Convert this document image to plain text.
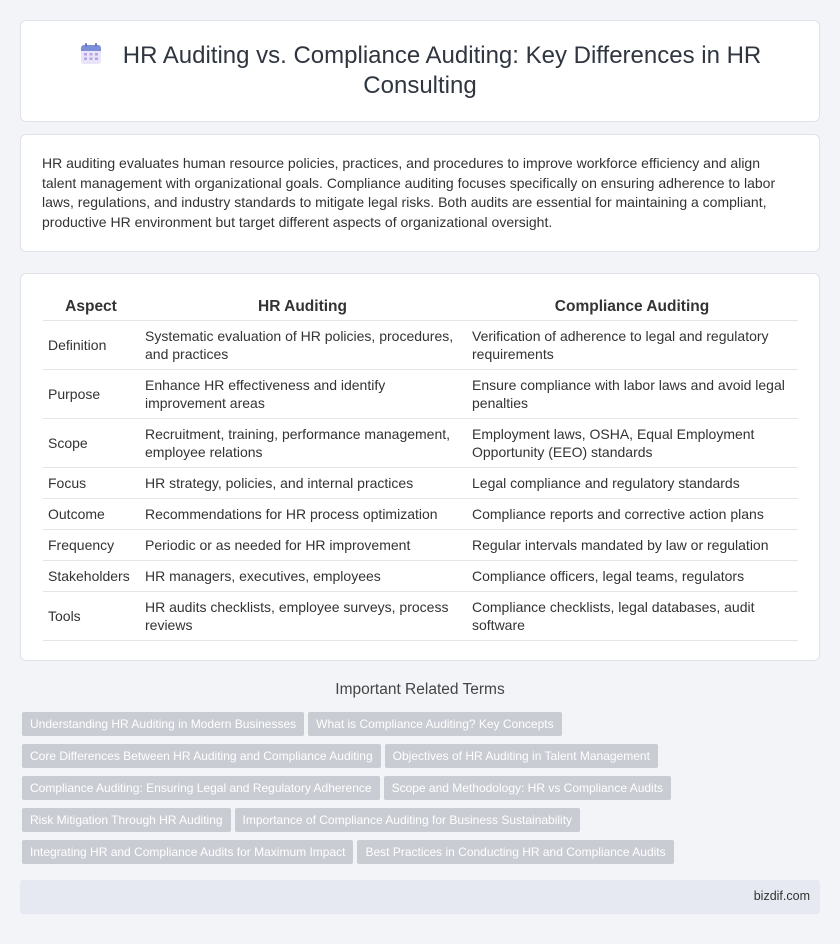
HR Auditing vs. Compliance Auditing: Key Differences in HR Consulting

HR auditing evaluates human resource policies, practices, and procedures to improve workforce efficiency and align talent management with organizational goals. Compliance auditing focuses specifically on ensuring adherence to labor laws, regulations, and industry standards to mitigate legal risks. Both audits are essential for maintaining a compliant, productive HR environment but target different aspects of organizational oversight.

Aspect	HR Auditing	Compliance Auditing
Definition	Systematic evaluation of HR policies, procedures, and practices	Verification of adherence to legal and regulatory requirements
Purpose	Enhance HR effectiveness and identify improvement areas	Ensure compliance with labor laws and avoid legal penalties
Scope	Recruitment, training, performance management, employee relations	Employment laws, OSHA, Equal Employment Opportunity (EEO) standards
Focus	HR strategy, policies, and internal practices	Legal compliance and regulatory standards
Outcome	Recommendations for HR process optimization	Compliance reports and corrective action plans
Frequency	Periodic or as needed for HR improvement	Regular intervals mandated by law or regulation
Stakeholders	HR managers, executives, employees	Compliance officers, legal teams, regulators
Tools	HR audits checklists, employee surveys, process reviews	Compliance checklists, legal databases, audit software
Important Related Terms
Understanding HR Auditing in Modern Businesses What is Compliance Auditing? Key Concepts
Core Differences Between HR Auditing and Compliance Auditing Objectives of HR Auditing in Talent Management
Compliance Auditing: Ensuring Legal and Regulatory Adherence Scope and Methodology: HR vs Compliance Audits
Risk Mitigation Through HR Auditing Importance of Compliance Auditing for Business Sustainability
Integrating HR and Compliance Audits for Maximum Impact Best Practices in Conducting HR and Compliance Audits
bizdif.com
